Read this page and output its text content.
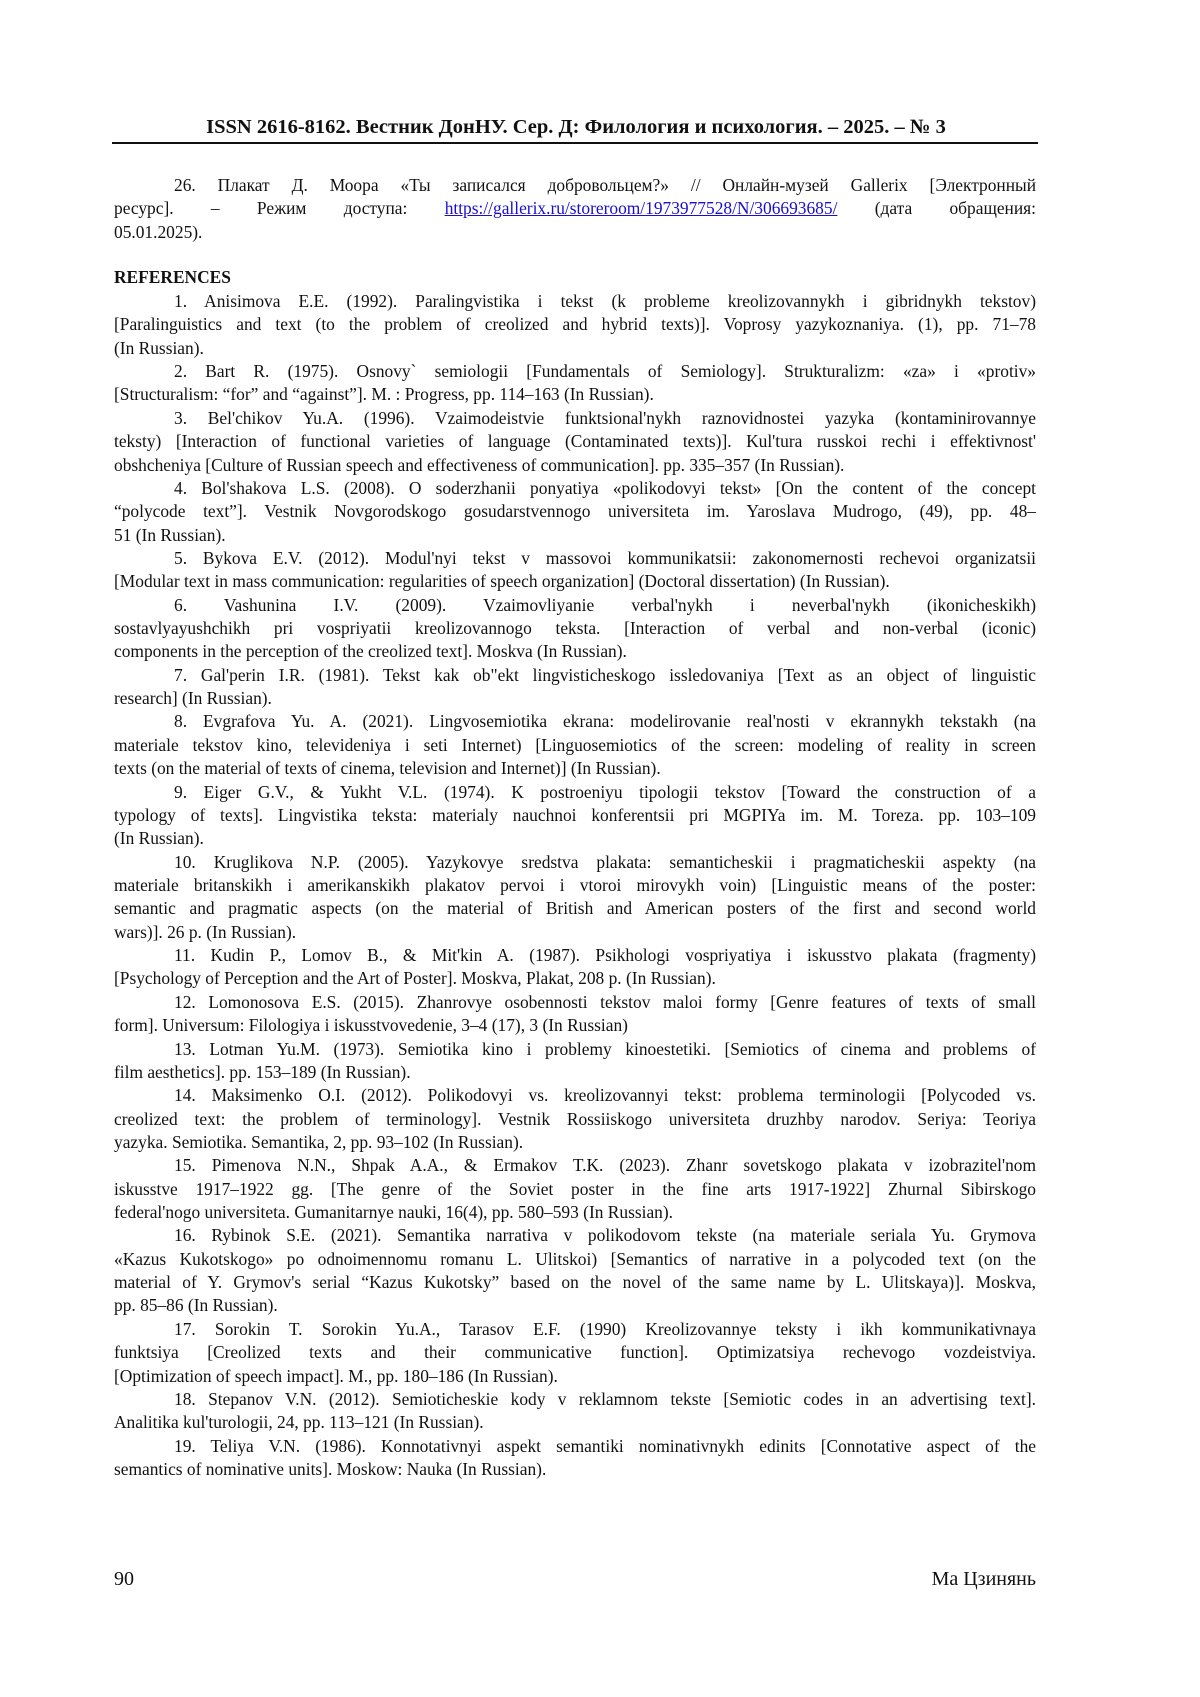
ISSN 2616-8162. Вестник ДонНУ. Сер. Д: Филология и психология. – 2025. – № 3
26. Плакат Д. Моора «Ты записался добровольцем?» // Онлайн-музей Gallerix [Электронный
ресурс]. – Режим доступа: https://gallerix.ru/storeroom/1973977528/N/306693685/ (дата обращения:
05.01.2025).
REFERENCES
1. Anisimova E.E. (1992). Paralingvistika i tekst (k probleme kreolizovannykh i gibridnykh tekstov)
[Paralinguistics and text (to the problem of creolized and hybrid texts)]. Voprosy yazykoznaniya. (1), pp. 71–78
(In Russian).
2. Bart R. (1975). Osnovy` semiologii [Fundamentals of Semiology]. Strukturalizm: «za» i «protiv»
[Structuralism: “for” and “against”]. M. : Progress, pp. 114–163 (In Russian).
3. Bel'chikov Yu.A. (1996). Vzaimodeistvie funktsional'nykh raznovidnostei yazyka (kontaminirovannye
teksty) [Interaction of functional varieties of language (Contaminated texts)]. Kul'tura russkoi rechi i effektivnost'
obshcheniya [Culture of Russian speech and effectiveness of communication]. pp. 335–357 (In Russian).
4. Bol'shakova L.S. (2008). O soderzhanii ponyatiya «polikodovyi tekst» [On the content of the concept
“polycode text”]. Vestnik Novgorodskogo gosudarstvennogo universiteta im. Yaroslava Mudrogo, (49), pp. 48–
51 (In Russian).
5. Bykova E.V. (2012). Modul'nyi tekst v massovoi kommunikatsii: zakonomernosti rechevoi organizatsii
[Modular text in mass communication: regularities of speech organization] (Doctoral dissertation) (In Russian).
6. Vashunina I.V. (2009). Vzaimovliyanie verbal'nykh i neverbal'nykh (ikonicheskikh)
sostavlyayushchikh pri vospriyatii kreolizovannogo teksta. [Interaction of verbal and non-verbal (iconic)
components in the perception of the creolized text]. Moskva (In Russian).
7. Gal'perin I.R. (1981). Tekst kak ob"ekt lingvisticheskogo issledovaniya [Text as an object of linguistic
research] (In Russian).
8. Evgrafova Yu. A. (2021). Lingvosemiotika ekrana: modelirovanie real'nosti v ekrannykh tekstakh (na
materiale tekstov kino, televideniya i seti Internet) [Linguosemiotics of the screen: modeling of reality in screen
texts (on the material of texts of cinema, television and Internet)] (In Russian).
9. Eiger G.V., & Yukht V.L. (1974). K postroeniyu tipologii tekstov [Toward the construction of a
typology of texts]. Lingvistika teksta: materialy nauchnoi konferentsii pri MGPIYa im. M. Toreza. pp. 103–109
(In Russian).
10. Kruglikova N.P. (2005). Yazykovye sredstva plakata: semanticheskii i pragmaticheskii aspekty (na
materiale britanskikh i amerikanskikh plakatov pervoi i vtoroi mirovykh voin) [Linguistic means of the poster:
semantic and pragmatic aspects (on the material of British and American posters of the first and second world
wars)]. 26 p. (In Russian).
11. Kudin P., Lomov B., & Mit'kin A. (1987). Psikhologi vospriyatiya i iskusstvo plakata (fragmenty)
[Psychology of Perception and the Art of Poster]. Moskva, Plakat, 208 p. (In Russian).
12. Lomonosova E.S. (2015). Zhanrovye osobennosti tekstov maloi formy [Genre features of texts of small
form]. Universum: Filologiya i iskusstvovedenie, 3–4 (17), 3 (In Russian)
13. Lotman Yu.M. (1973). Semiotika kino i problemy kinoestetiki. [Semiotics of cinema and problems of
film aesthetics]. pp. 153–189 (In Russian).
14. Maksimenko O.I. (2012). Polikodovyi vs. kreolizovannyi tekst: problema terminologii [Polycoded vs.
creolized text: the problem of terminology]. Vestnik Rossiiskogo universiteta druzhby narodov. Seriya: Teoriya
yazyka. Semiotika. Semantika, 2, pp. 93–102 (In Russian).
15. Pimenova N.N., Shpak A.A., & Ermakov T.K. (2023). Zhanr sovetskogo plakata v izobrazitel'nom
iskusstve 1917–1922 gg. [The genre of the Soviet poster in the fine arts 1917-1922] Zhurnal Sibirskogo
federal'nogo universiteta. Gumanitarnye nauki, 16(4), pp. 580–593 (In Russian).
16. Rybinok S.E. (2021). Semantika narrativa v polikodovom tekste (na materiale seriala Yu. Grymova
«Kazus Kukotskogo» po odnoimennomu romanu L. Ulitskoi) [Semantics of narrative in a polycoded text (on the
material of Y. Grymov's serial “Kazus Kukotsky” based on the novel of the same name by L. Ulitskaya)]. Moskva,
pp. 85–86 (In Russian).
17. Sorokin T. Sorokin Yu.A., Tarasov E.F. (1990) Kreolizovannye teksty i ikh kommunikativnaya
funktsiya [Creolized texts and their communicative function]. Optimizatsiya rechevogo vozdeistviya.
[Optimization of speech impact]. M., pp. 180–186 (In Russian).
18. Stepanov V.N. (2012). Semioticheskie kody v reklamnom tekste [Semiotic codes in an advertising text].
Analitika kul'turologii, 24, pp. 113–121 (In Russian).
19. Teliya V.N. (1986). Konnotativnyi aspekt semantiki nominativnykh edinits [Connotative aspect of the
semantics of nominative units]. Moskow: Nauka (In Russian).
90	Ма Цзинянь
